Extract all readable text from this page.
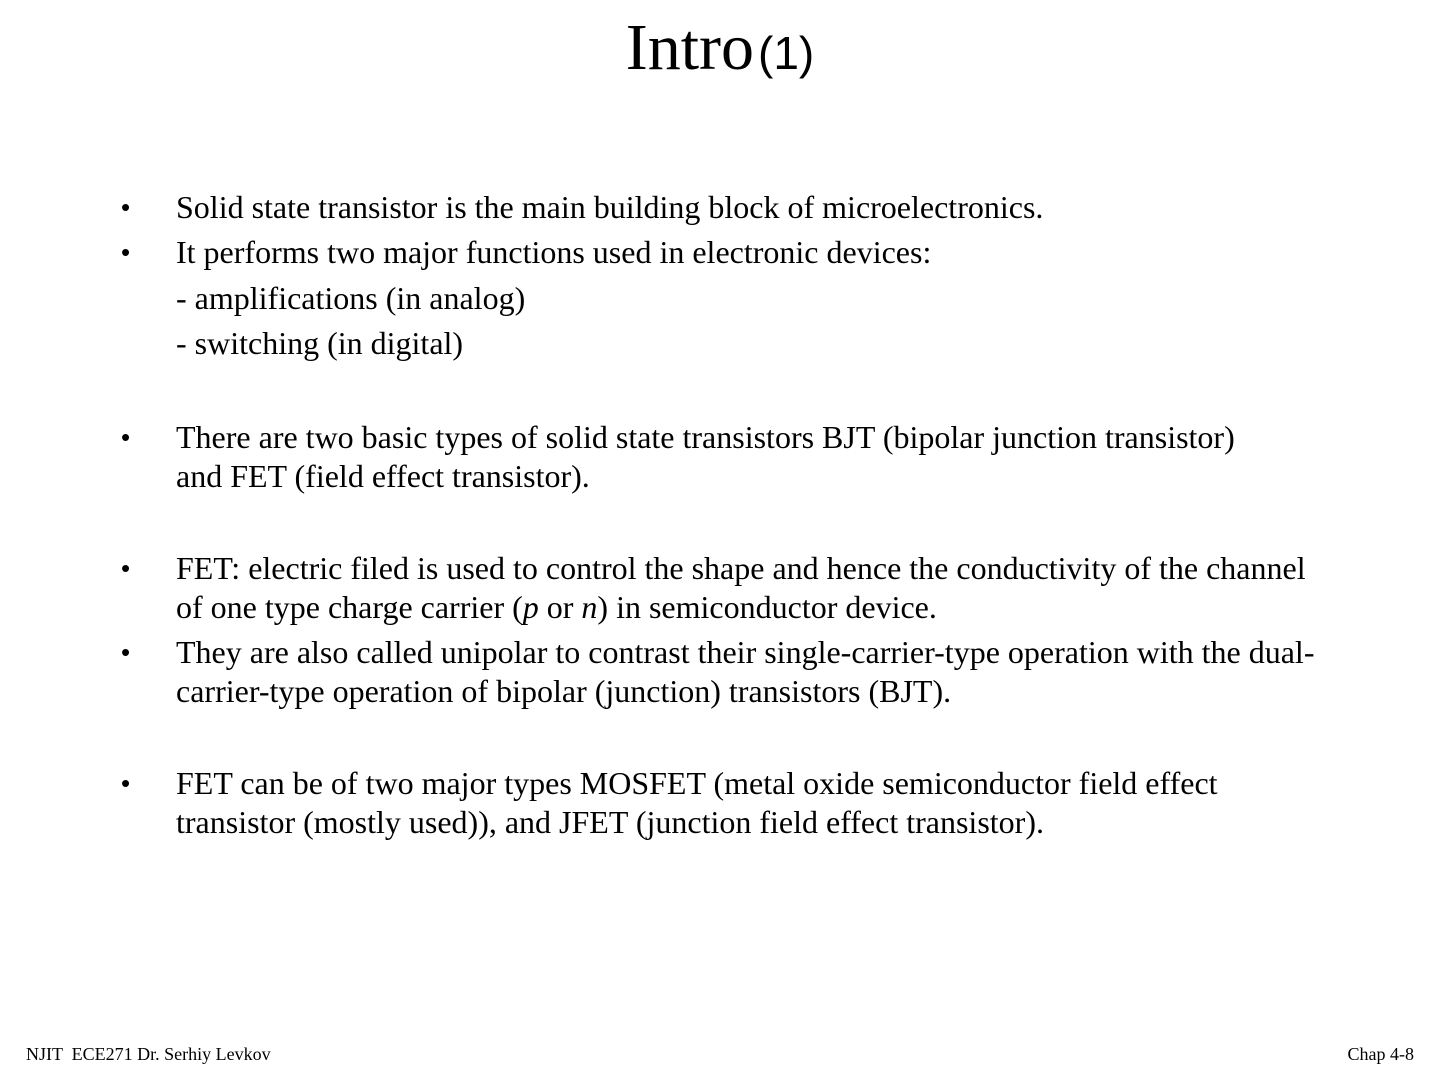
Intro (1)
•	Solid state transistor is the main building block of microelectronics.
•	It performs two major functions used in electronic devices:
- amplifications (in analog)
- switching (in digital)
•	There are two basic types of solid state transistors BJT (bipolar junction transistor) and FET (field effect transistor).
•	FET: electric filed is used to control the shape and hence the conductivity of the channel of one type charge carrier (p or n) in semiconductor device.
•	They are also called unipolar to contrast their single-carrier-type operation with the dual-carrier-type operation of bipolar (junction) transistors (BJT).
•	FET can be of two major types MOSFET (metal oxide semiconductor field effect transistor (mostly used)), and JFET (junction field effect transistor).
NJIT  ECE271 Dr. Serhiy Levkov	Chap 4-8
